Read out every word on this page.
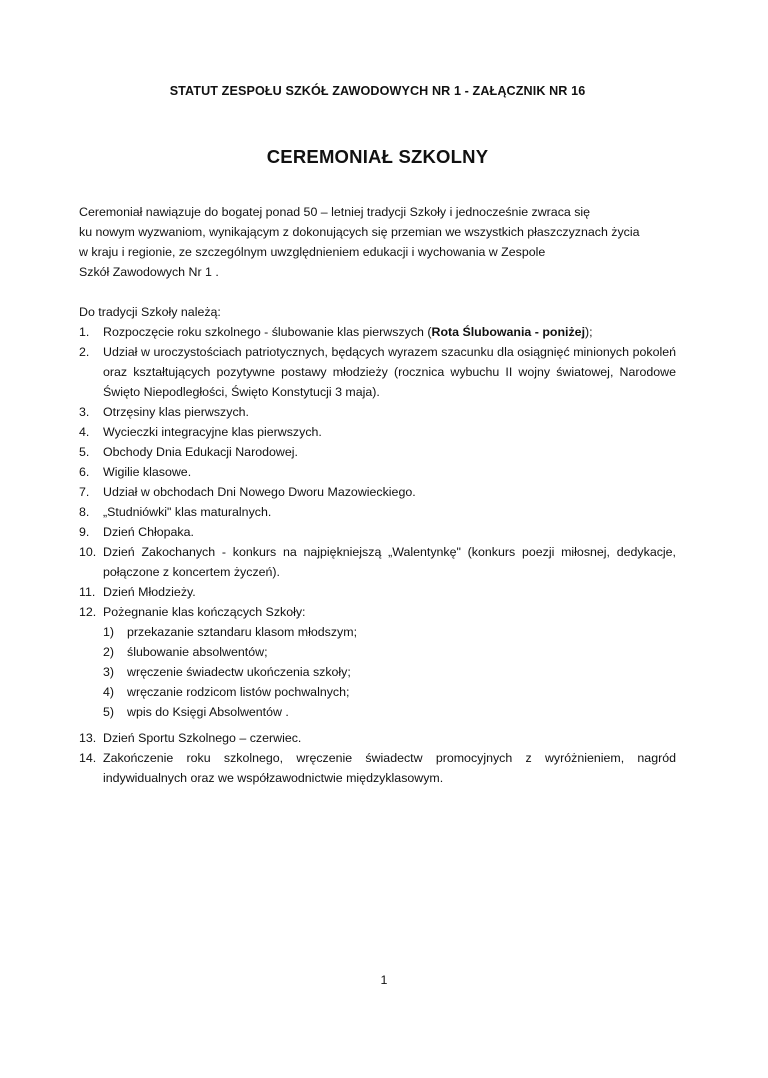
STATUT ZESPOŁU SZKÓŁ ZAWODOWYCH NR 1 - ZAŁĄCZNIK NR 16
CEREMONIAŁ SZKOLNY

Ceremoniał nawiązuje do bogatej ponad 50 – letniej tradycji Szkoły i jednocześnie zwraca się

ku nowym wyzwaniom, wynikającym z dokonujących się przemian we wszystkich płaszczyznach życia

w kraju i regionie, ze szczególnym uwzględnieniem edukacji i wychowania w Zespole

Szkół Zawodowych Nr 1 .

Do tradycji Szkoły należą:
1. Rozpoczęcie roku szkolnego - ślubowanie klas pierwszych (Rota Ślubowania - poniżej);
2. Udział w uroczystościach patriotycznych, będących wyrazem szacunku dla osiągnięć minionych pokoleń oraz kształtujących pozytywne postawy młodzieży (rocznica wybuchu II wojny światowej, Narodowe Święto Niepodległości, Święto Konstytucji 3 maja).
3. Otrzęsiny klas pierwszych.
4. Wycieczki integracyjne klas pierwszych.
5. Obchody Dnia Edukacji Narodowej.
6. Wigilie klasowe.
7. Udział w obchodach Dni Nowego Dworu Mazowieckiego.
8. „Studniówki" klas maturalnych.
9. Dzień Chłopaka.
10. Dzień Zakochanych - konkurs na najpiękniejszą „Walentynkę" (konkurs poezji miłosnej, dedykacje, połączone z koncertem życzeń).
11. Dzień Młodzieży.
12. Pożegnanie klas kończących Szkoły:
1) przekazanie sztandaru klasom młodszym;
2) ślubowanie absolwentów;
3) wręczenie świadectw ukończenia szkoły;
4) wręczanie rodzicom listów pochwalnych;
5) wpis do Księgi Absolwentów .
13. Dzień Sportu Szkolnego – czerwiec.
14. Zakończenie roku szkolnego, wręczenie świadectw promocyjnych z wyróżnieniem, nagród indywidualnych oraz we współzawodnictwie międzyklasowym.
1
